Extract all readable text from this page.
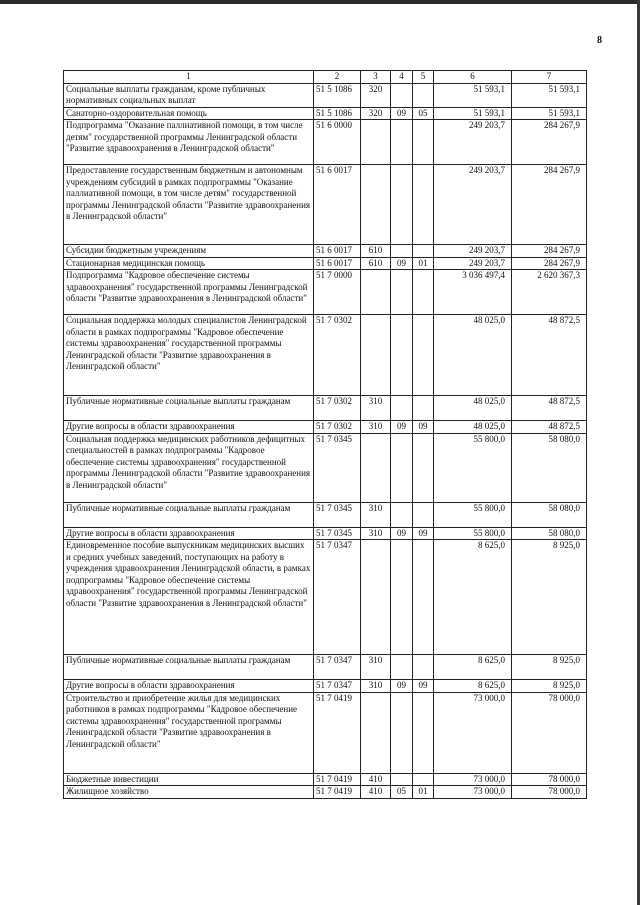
8
1	2	3	4	5	6	7
Социальные выплаты гражданам, кроме публичных нормативных социальных выплат	51 5 1086	320			51 593,1	51 593,1
Санаторно-оздоровительная помощь	51 5 1086	320	09	05	51 593,1	51 593,1
Подпрограмма "Оказание паллиативной помощи, в том числе детям" государственной программы Ленинградской области "Развитие здравоохранения в Ленинградской области"	51 6 0000				249 203,7	284 267,9
Предоставление государственным бюджетным и автономным учреждениям субсидий в рамках подпрограммы "Оказание паллиативной помощи, в том числе детям" государственной программы Ленинградской области "Развитие здравоохранения в Ленинградской области"	51 6 0017				249 203,7	284 267,9
Субсидии бюджетным учреждениям	51 6 0017	610			249 203,7	284 267,9
Стационарная медицинская помощь	51 6 0017	610	09	01	249 203,7	284 267,9
Подпрограмма "Кадровое обеспечение системы здравоохранения" государственной программы Ленинградской области "Развитие здравоохранения в Ленинградской области"	51 7 0000				3 036 497,4	2 620 367,3
Социальная поддержка молодых специалистов Ленинградской области в рамках подпрограммы "Кадровое обеспечение системы здравоохранения" государственной программы Ленинградской области "Развитие здравоохранения в Ленинградской области"	51 7 0302				48 025,0	48 872,5
Публичные нормативные социальные выплаты гражданам	51 7 0302	310			48 025,0	48 872,5
Другие вопросы в области здравоохранения	51 7 0302	310	09	09	48 025,0	48 872,5
Социальная поддержка медицинских работников дефицитных специальностей в рамках подпрограммы "Кадровое обеспечение системы здравоохранения" государственной программы Ленинградской области "Развитие здравоохранения в Ленинградской области"	51 7 0345				55 800,0	58 080,0
Публичные нормативные социальные выплаты гражданам	51 7 0345	310			55 800,0	58 080,0
Другие вопросы в области здравоохранения	51 7 0345	310	09	09	55 800,0	58 080,0
Единовременное пособие выпускникам медицинских высших и средних учебных заведений, поступающих на работу в учреждения здравоохранения Ленинградской области, в рамках подпрограммы "Кадровое обеспечение системы здравоохранения" государственной программы Ленинградской области "Развитие здравоохранения в Ленинградской области"	51 7 0347				8 625,0	8 925,0
Публичные нормативные социальные выплаты гражданам	51 7 0347	310			8 625,0	8 925,0
Другие вопросы в области здравоохранения	51 7 0347	310	09	09	8 625,0	8 925,0
Строительство и приобретение жилья для медицинских работников в рамках подпрограммы "Кадровое обеспечение системы здравоохранения" государственной программы Ленинградской области "Развитие здравоохранения в Ленинградской области"	51 7 0419				73 000,0	78 000,0
Бюджетные инвестиции	51 7 0419	410			73 000,0	78 000,0
Жилищное хозяйство	51 7 0419	410	05	01	73 000,0	78 000,0
